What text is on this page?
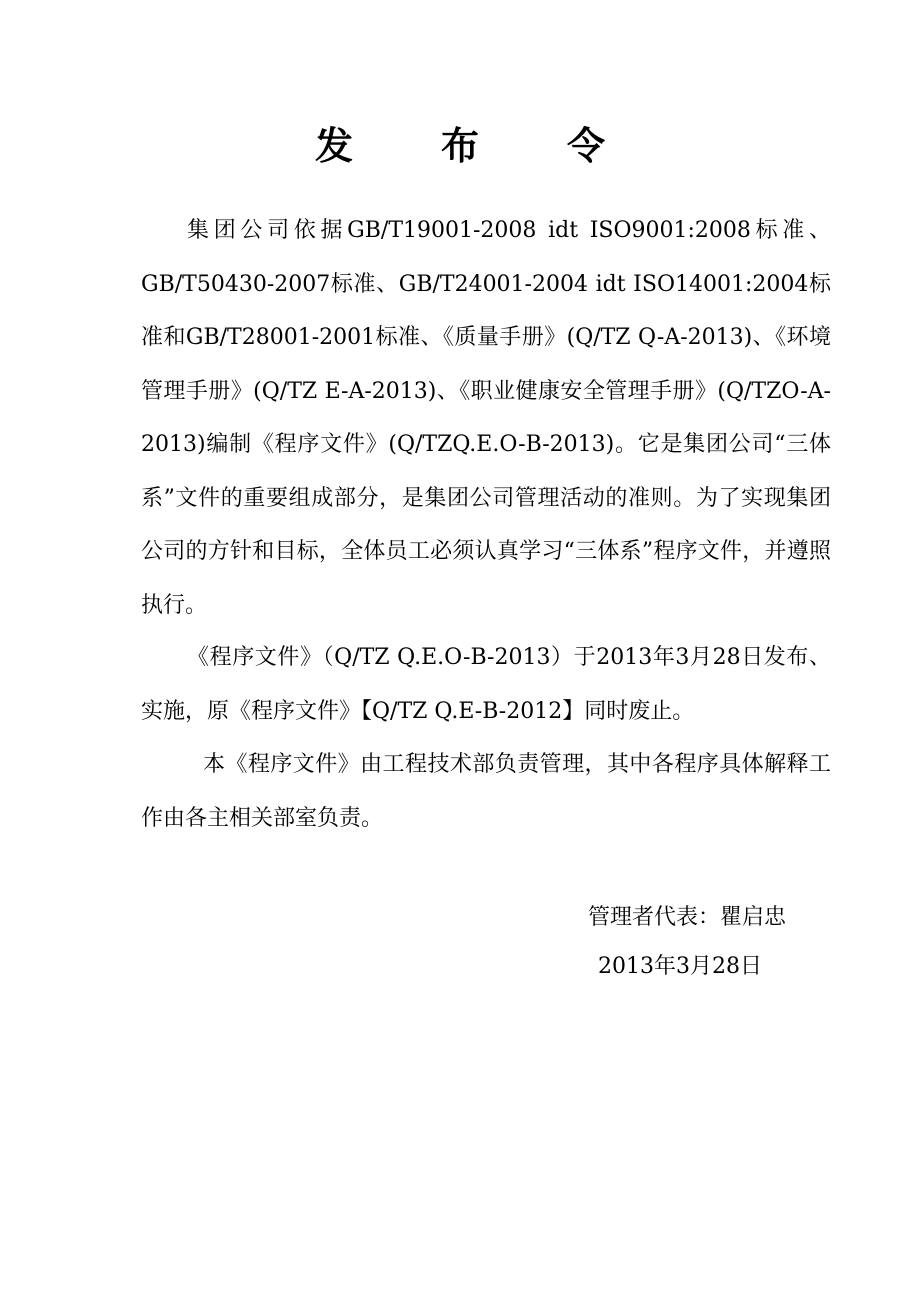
发布令

集团公司依据GB/T19001-2008 idt ISO9001:2008标准、GB/T50430-2007标准、GB/T24001-2004 idt ISO14001:2004标准和GB/T28001-2001标准、《质量手册》(Q/TZ Q-A-2013)、《环境管理手册》(Q/TZ E-A-2013)、《职业健康安全管理手册》(Q/TZO-A-2013)编制《程序文件》(Q/TZQ.E.O-B-2013)。它是集团公司“三体系”文件的重要组成部分，是集团公司管理活动的准则。为了实现集团公司的方针和目标，全体员工必须认真学习“三体系”程序文件，并遵照执行。

《程序文件》（Q/TZ Q.E.O-B-2013）于2013年3月28日发布、实施，原《程序文件》【Q/TZ Q.E-B-2012】同时废止。

本《程序文件》由工程技术部负责管理，其中各程序具体解释工作由各主相关部室负责。

管理者代表：瞿启忠
2013年3月28日
